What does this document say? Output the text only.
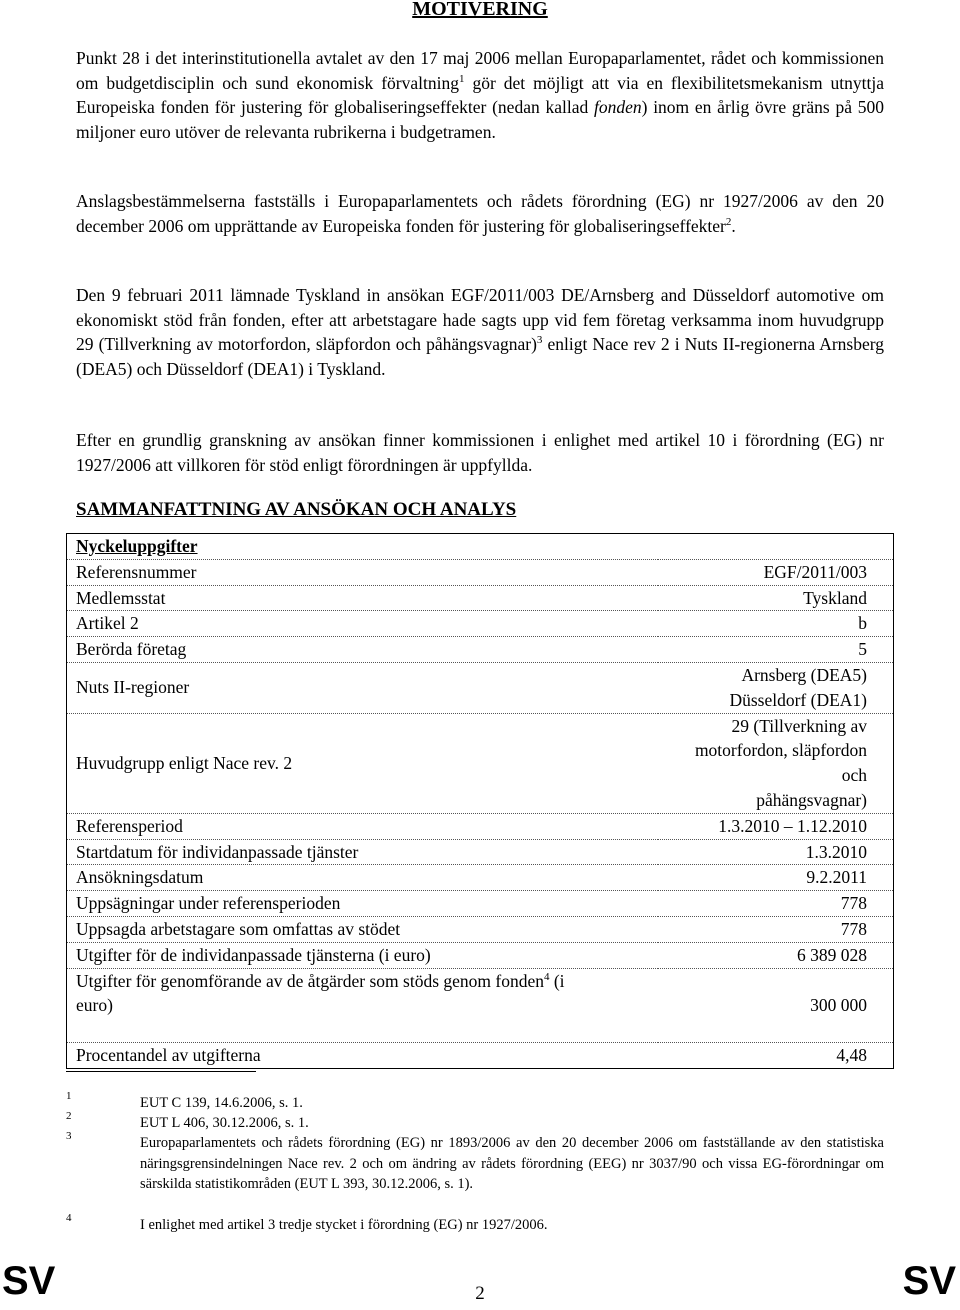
MOTIVERING

Punkt 28 i det interinstitutionella avtalet av den 17 maj 2006 mellan Europaparlamentet, rådet och kommissionen om budgetdisciplin och sund ekonomisk förvaltning$^1$ gör det möjligt att via en flexibilitetsmekanism utnyttja Europeiska fonden för justering för globaliseringseffekter (nedan kallad fonden) inom en årlig övre gräns på 500 miljoner euro utöver de relevanta rubrikerna i budgetramen.

Anslagsbestämmelserna fastställs i Europaparlamentets och rådets förordning (EG) nr 1927/2006 av den 20 december 2006 om upprättande av Europeiska fonden för justering för globaliseringseffekter$^2$.

Den 9 februari 2011 lämnade Tyskland in ansökan EGF/2011/003 DE/Arnsberg and Düsseldorf automotive om ekonomiskt stöd från fonden, efter att arbetstagare hade sagts upp vid fem företag verksamma inom huvudgrupp 29 (Tillverkning av motorfordon, släpfordon och påhängsvagnar)$^3$ enligt Nace rev 2 i Nuts II-regionerna Arnsberg (DEA5) och Düsseldorf (DEA1) i Tyskland.

Efter en grundlig granskning av ansökan finner kommissionen i enlighet med artikel 10 i förordning (EG) nr 1927/2006 att villkoren för stöd enligt förordningen är uppfyllda.

SAMMANFATTNING AV ANSÖKAN OCH ANALYS
Nyckeluppgifter	
Referensnummer	EGF/2011/003
Medlemsstat	Tyskland
Artikel 2	b
Berörda företag	5
Nuts II-regioner	Arnsberg (DEA5)
Düsseldorf (DEA1)

Huvudgrupp enligt Nace rev. 2	29 (Tillverkning av
motorfordon, släpfordon och
påhängsvagnar)

Referensperiod	1.3.2010 – 1.12.2010
Startdatum för individanpassade tjänster	1.3.2010
Ansökningsdatum	9.2.2011
Uppsägningar under referensperioden	778
Uppsagda arbetstagare som omfattas av stödet	778
Utgifter för de individanpassade tjänsterna (i euro)	6 389 028
Utgifter för genomförande av de åtgärder som stöds genom fonden$^4$ (i euro)	300 000
Procentandel av utgifterna	4,48
1	EUT C 139, 14.6.2006, s. 1.
2	EUT L 406, 30.12.2006, s. 1.
3	Europaparlamentets och rådets förordning (EG) nr 1893/2006 av den 20 december 2006 om fastställande av den statistiska näringsgrensindelningen Nace rev. 2 och om ändring av rådets förordning (EEG) nr 3037/90 och vissa EG-förordningar om särskilda statistikområden (EUT L 393, 30.12.2006, s. 1).
4	I enlighet med artikel 3 tredje stycket i förordning (EG) nr 1927/2006.
SV	2	SV
